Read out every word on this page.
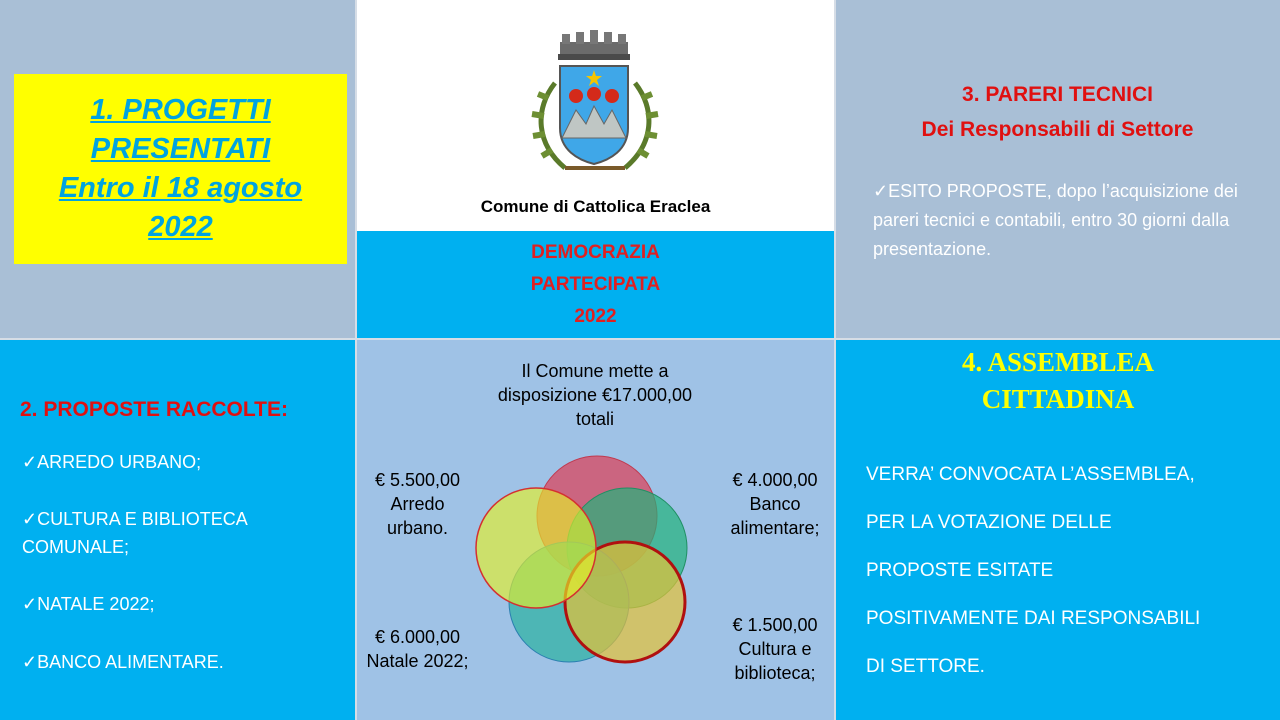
1. PROGETTI
PRESENTATI
Entro il 18 agosto
2022
Comune di Cattolica Eraclea
DEMOCRAZIA
PARTECIPATA
2022
3. PARERI TECNICI
Dei Responsabili di Settore
✓ESITO PROPOSTE, dopo l’acquisizione dei pareri tecnici e contabili, entro 30 giorni dalla presentazione.
2. PROPOSTE RACCOLTE:
✓ARREDO URBANO;
✓CULTURA E BIBLIOTECA COMUNALE;
✓NATALE 2022;
✓BANCO ALIMENTARE.
Il Comune mette a
disposizione €17.000,00
totali
€ 5.500,00
Arredo
urbano.
€ 4.000,00
Banco
alimentare;
€ 6.000,00
Natale 2022;
€ 1.500,00
Cultura e
biblioteca;
4. ASSEMBLEA
CITTADINA
VERRA’ CONVOCATA L’ASSEMBLEA,
PER LA VOTAZIONE DELLE
PROPOSTE ESITATE
POSITIVAMENTE DAI RESPONSABILI
DI SETTORE.
